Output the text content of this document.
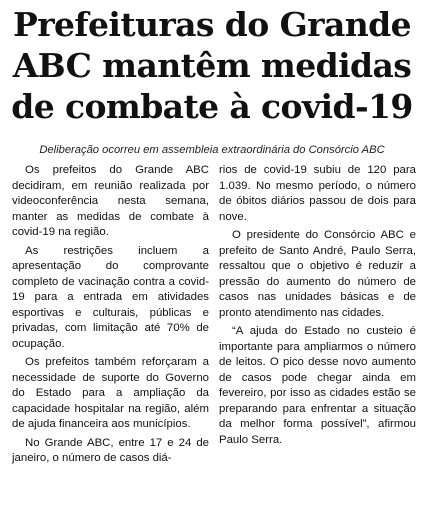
Prefeituras do Grande
ABC mantêm medidas
de combate à covid-19
Deliberação ocorreu em assembleia extraordinária do Consórcio ABC

Os prefeitos do Grande ABC decidiram, em reunião realizada por videoconferência nesta semana, manter as medidas de combate à covid-19 na região.

As restrições incluem a apresentação do comprovante completo de vacinação contra a covid-19 para a entrada em atividades esportivas e culturais, públicas e privadas, com limitação até 70% de ocupação.

Os prefeitos também reforçaram a necessidade de suporte do Governo do Estado para a ampliação da capacidade hospitalar na região, além de ajuda financeira aos municípios.

No Grande ABC, entre 17 e 24 de janeiro, o número de casos diá-

rios de covid-19 subiu de 120 para 1.039. No mesmo período, o número de óbitos diários passou de dois para nove.

O presidente do Consórcio ABC e prefeito de Santo André, Paulo Serra, ressaltou que o objetivo é reduzir a pressão do aumento do número de casos nas unidades básicas e de pronto atendimento nas cidades.

“A ajuda do Estado no custeio é importante para ampliarmos o número de leitos. O pico desse novo aumento de casos pode chegar ainda em fevereiro, por isso as cidades estão se preparando para enfrentar a situação da melhor forma possível”, afirmou Paulo Serra.
